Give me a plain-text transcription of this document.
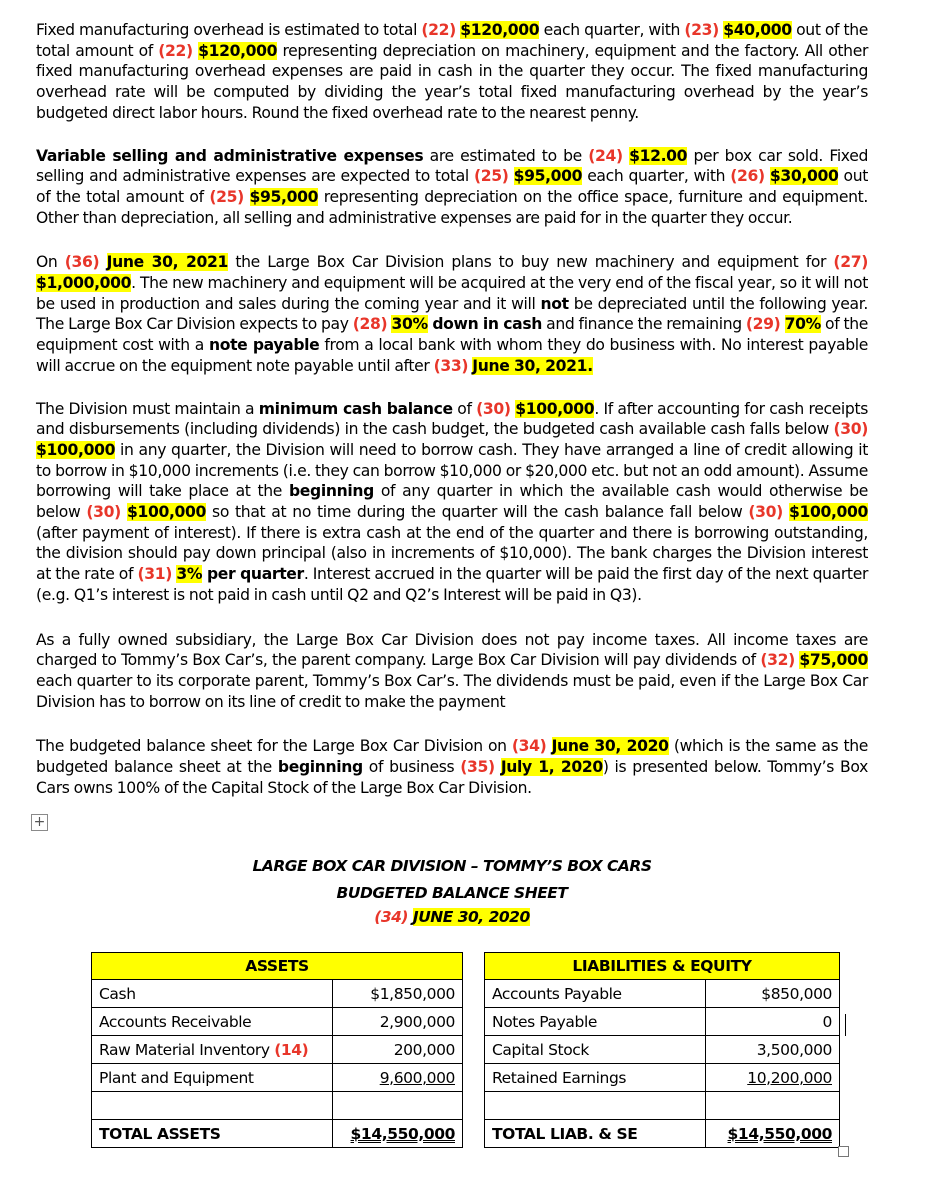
Fixed manufacturing overhead is estimated to total (22) $120,000 each quarter, with (23) $40,000 out of the total amount of (22) $120,000 representing depreciation on machinery, equipment and the factory. All other fixed manufacturing overhead expenses are paid in cash in the quarter they occur. The fixed manufacturing overhead rate will be computed by dividing the year’s total fixed manufacturing overhead by the year’s budgeted direct labor hours. Round the fixed overhead rate to the nearest penny.

Variable selling and administrative expenses are estimated to be (24) $12.00 per box car sold. Fixed selling and administrative expenses are expected to total (25) $95,000 each quarter, with (26) $30,000 out of the total amount of (25) $95,000 representing depreciation on the office space, furniture and equipment. Other than depreciation, all selling and administrative expenses are paid for in the quarter they occur.

On (36) June 30, 2021 the Large Box Car Division plans to buy new machinery and equipment for (27) $1,000,000. The new machinery and equipment will be acquired at the very end of the fiscal year, so it will not be used in production and sales during the coming year and it will not be depreciated until the following year. The Large Box Car Division expects to pay (28) 30% down in cash and finance the remaining (29) 70% of the equipment cost with a note payable from a local bank with whom they do business with. No interest payable will accrue on the equipment note payable until after (33) June 30, 2021.

The Division must maintain a minimum cash balance of (30) $100,000. If after accounting for cash receipts and disbursements (including dividends) in the cash budget, the budgeted cash available cash falls below (30) $100,000 in any quarter, the Division will need to borrow cash. They have arranged a line of credit allowing it to borrow in $10,000 increments (i.e. they can borrow $10,000 or $20,000 etc. but not an odd amount). Assume borrowing will take place at the beginning of any quarter in which the available cash would otherwise be below (30) $100,000 so that at no time during the quarter will the cash balance fall below (30) $100,000 (after payment of interest). If there is extra cash at the end of the quarter and there is borrowing outstanding, the division should pay down principal (also in increments of $10,000). The bank charges the Division interest at the rate of (31) 3% per quarter. Interest accrued in the quarter will be paid the first day of the next quarter (e.g. Q1’s interest is not paid in cash until Q2 and Q2’s Interest will be paid in Q3).

As a fully owned subsidiary, the Large Box Car Division does not pay income taxes. All income taxes are charged to Tommy’s Box Car’s, the parent company. Large Box Car Division will pay dividends of (32) $75,000 each quarter to its corporate parent, Tommy’s Box Car’s. The dividends must be paid, even if the Large Box Car Division has to borrow on its line of credit to make the payment

The budgeted balance sheet for the Large Box Car Division on (34) June 30, 2020 (which is the same as the budgeted balance sheet at the beginning of business (35) July 1, 2020) is presented below. Tommy’s Box Cars owns 100% of the Capital Stock of the Large Box Car Division.

+
LARGE BOX CAR DIVISION – TOMMY’S BOX CARS
BUDGETED BALANCE SHEET
(34) JUNE 30, 2020
ASSETS	
Cash	$1,850,000
Accounts Receivable	2,900,000
Raw Material Inventory (14)	200,000
Plant and Equipment	9,600,000

TOTAL ASSETS	$14,550,000
LIABILITIES & EQUITY	
Accounts Payable	$850,000
Notes Payable	0
Capital Stock	3,500,000
Retained Earnings	10,200,000

TOTAL LIAB. & SE	$14,550,000
